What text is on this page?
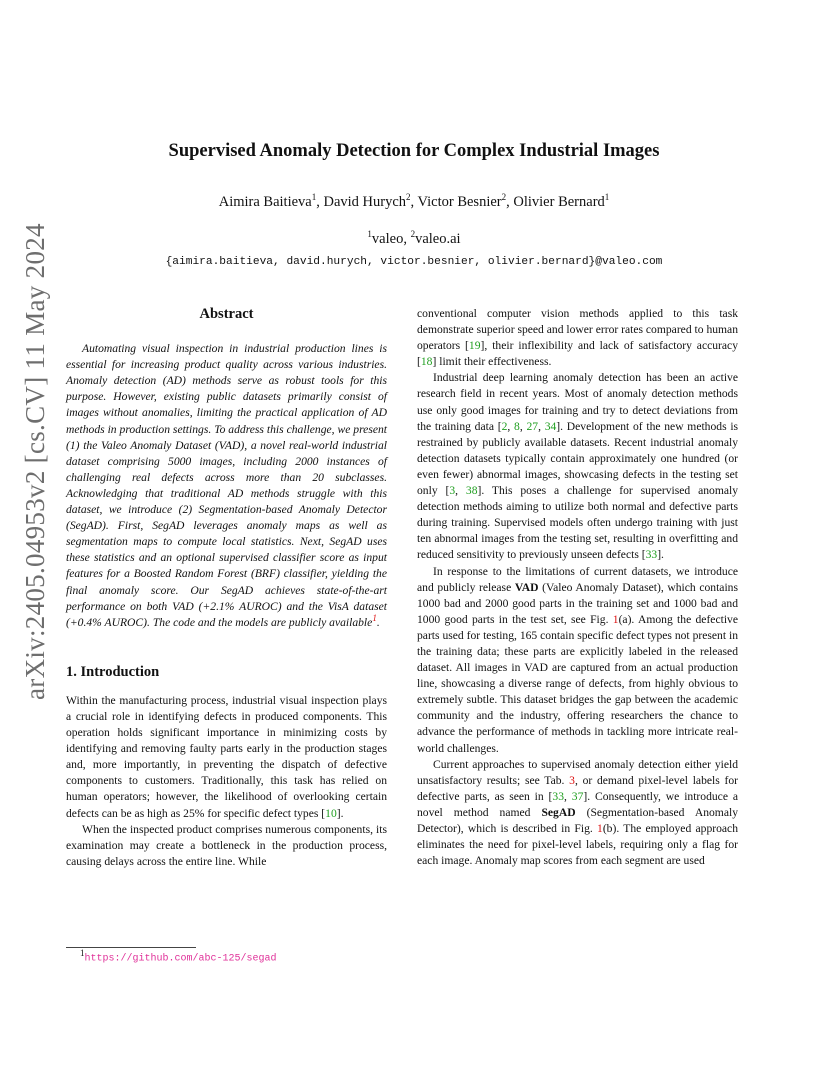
arXiv:2405.04953v2 [cs.CV] 11 May 2024
Supervised Anomaly Detection for Complex Industrial Images
Aimira Baitieva$^1$, David Hurych$^2$, Victor Besnier$^2$, Olivier Bernard$^1$
$^1$valeo, $^2$valeo.ai
{aimira.baitieva, david.hurych, victor.besnier, olivier.bernard}@valeo.com
Abstract

Automating visual inspection in industrial production lines is essential for increasing product quality across various industries. Anomaly detection (AD) methods serve as robust tools for this purpose. However, existing public datasets primarily consist of images without anomalies, limiting the practical application of AD methods in production settings. To address this challenge, we present (1) the Valeo Anomaly Dataset (VAD), a novel real-world industrial dataset comprising 5000 images, including 2000 instances of challenging real defects across more than 20 subclasses. Acknowledging that traditional AD methods struggle with this dataset, we introduce (2) Segmentation-based Anomaly Detector (SegAD). First, SegAD leverages anomaly maps as well as segmentation maps to compute local statistics. Next, SegAD uses these statistics and an optional supervised classifier score as input features for a Boosted Random Forest (BRF) classifier, yielding the final anomaly score. Our SegAD achieves state-of-the-art performance on both VAD (+2.1% AUROC) and the VisA dataset (+0.4% AUROC). The code and the models are publicly available$^1$.

1. Introduction

Within the manufacturing process, industrial visual inspection plays a crucial role in identifying defects in produced components. This operation holds significant importance in minimizing costs by identifying and removing faulty parts early in the production stages and, more importantly, in preventing the dispatch of defective components to customers. Traditionally, this task has relied on human operators; however, the likelihood of overlooking certain defects can be as high as 25% for specific defect types [10].

When the inspected product comprises numerous components, its examination may create a bottleneck in the production process, causing delays across the entire line. While

conventional computer vision methods applied to this task demonstrate superior speed and lower error rates compared to human operators [19], their inflexibility and lack of satisfactory accuracy [18] limit their effectiveness.

Industrial deep learning anomaly detection has been an active research field in recent years. Most of anomaly detection methods use only good images for training and try to detect deviations from the training data [2, 8, 27, 34]. Development of the new methods is restrained by publicly available datasets. Recent industrial anomaly detection datasets typically contain approximately one hundred (or even fewer) abnormal images, showcasing defects in the testing set only [3, 38]. This poses a challenge for supervised anomaly detection methods aiming to utilize both normal and defective parts during training. Supervised models often undergo training with just ten abnormal images from the testing set, resulting in overfitting and reduced sensitivity to previously unseen defects [33].

In response to the limitations of current datasets, we introduce and publicly release VAD (Valeo Anomaly Dataset), which contains 1000 bad and 2000 good parts in the training set and 1000 bad and 1000 good parts in the test set, see Fig. 1(a). Among the defective parts used for testing, 165 contain specific defect types not present in the training data; these parts are explicitly labeled in the released dataset. All images in VAD are captured from an actual production line, showcasing a diverse range of defects, from highly obvious to extremely subtle. This dataset bridges the gap between the academic community and the industry, offering researchers the chance to advance the performance of methods in tackling more intricate real-world challenges.

Current approaches to supervised anomaly detection either yield unsatisfactory results; see Tab. 3, or demand pixel-level labels for defective parts, as seen in [33, 37]. Consequently, we introduce a novel method named SegAD (Segmentation-based Anomaly Detector), which is described in Fig. 1(b). The employed approach eliminates the need for pixel-level labels, requiring only a flag for each image. Anomaly map scores from each segment are used

$^1$https://github.com/abc-125/segad
